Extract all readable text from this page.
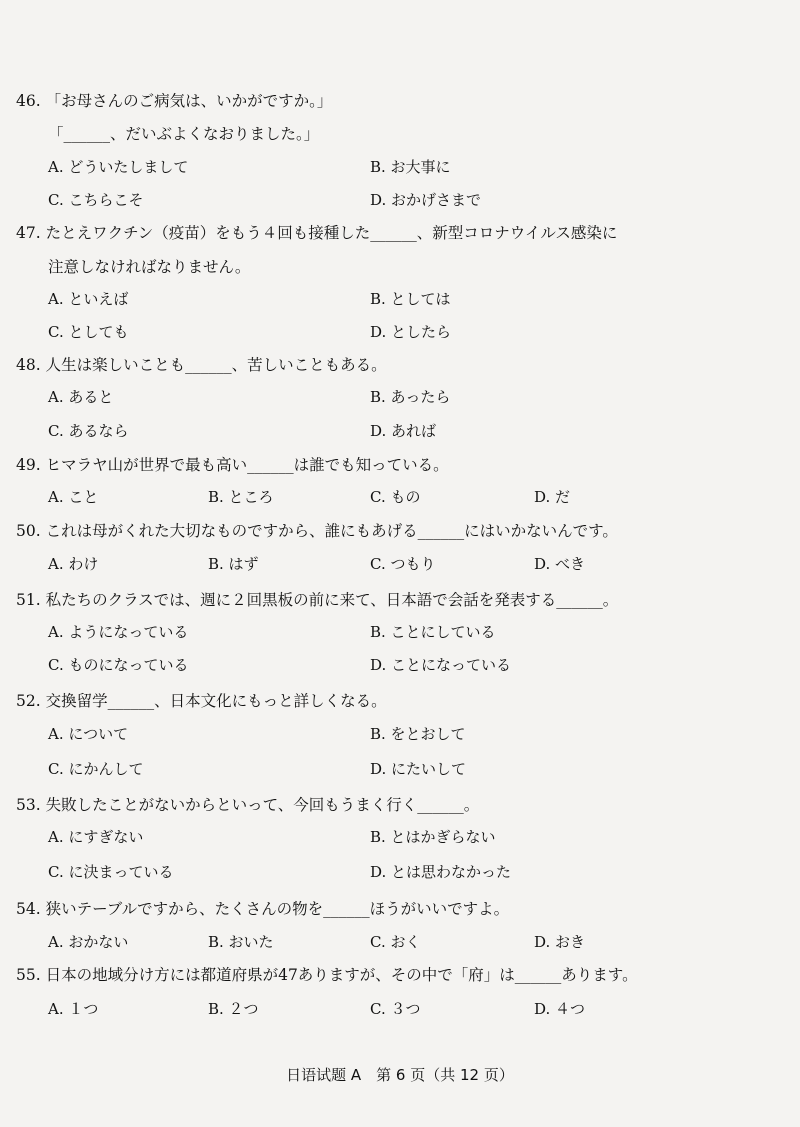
46. 「お母さんのご病気は、いかがですか。」
「______、だいぶよくなおりました。」
A. どういたしまして	B. お大事に
C. こちらこそ	D. おかげさまで
47. たとえワクチン（疫苗）をもう４回も接種した______、新型コロナウイルス感染に
注意しなければなりません。
A. といえば	B. としては
C. としても	D. としたら
48. 人生は楽しいことも______、苦しいこともある。
A. あると	B. あったら
C. あるなら	D. あれば
49. ヒマラヤ山が世界で最も高い______は誰でも知っている。
A. こと	B. ところ	C. もの	D. だ
50. これは母がくれた大切なものですから、誰にもあげる______にはいかないんです。
A. わけ	B. はず	C. つもり	D. べき
51. 私たちのクラスでは、週に２回黒板の前に来て、日本語で会話を発表する______。
A. ようになっている	B. ことにしている
C. ものになっている	D. ことになっている
52. 交換留学______、日本文化にもっと詳しくなる。
A. について	B. をとおして
C. にかんして	D. にたいして
53. 失敗したことがないからといって、今回もうまく行く______。
A. にすぎない	B. とはかぎらない
C. に決まっている	D. とは思わなかった
54. 狭いテーブルですから、たくさんの物を______ほうがいいですよ。
A. おかない	B. おいた	C. おく	D. おき
55. 日本の地域分け方には都道府県が47ありますが、その中で「府」は______あります。
A. １つ	B. ２つ	C. ３つ	D. ４つ
日语试题 A　第 6 页（共 12 页）
